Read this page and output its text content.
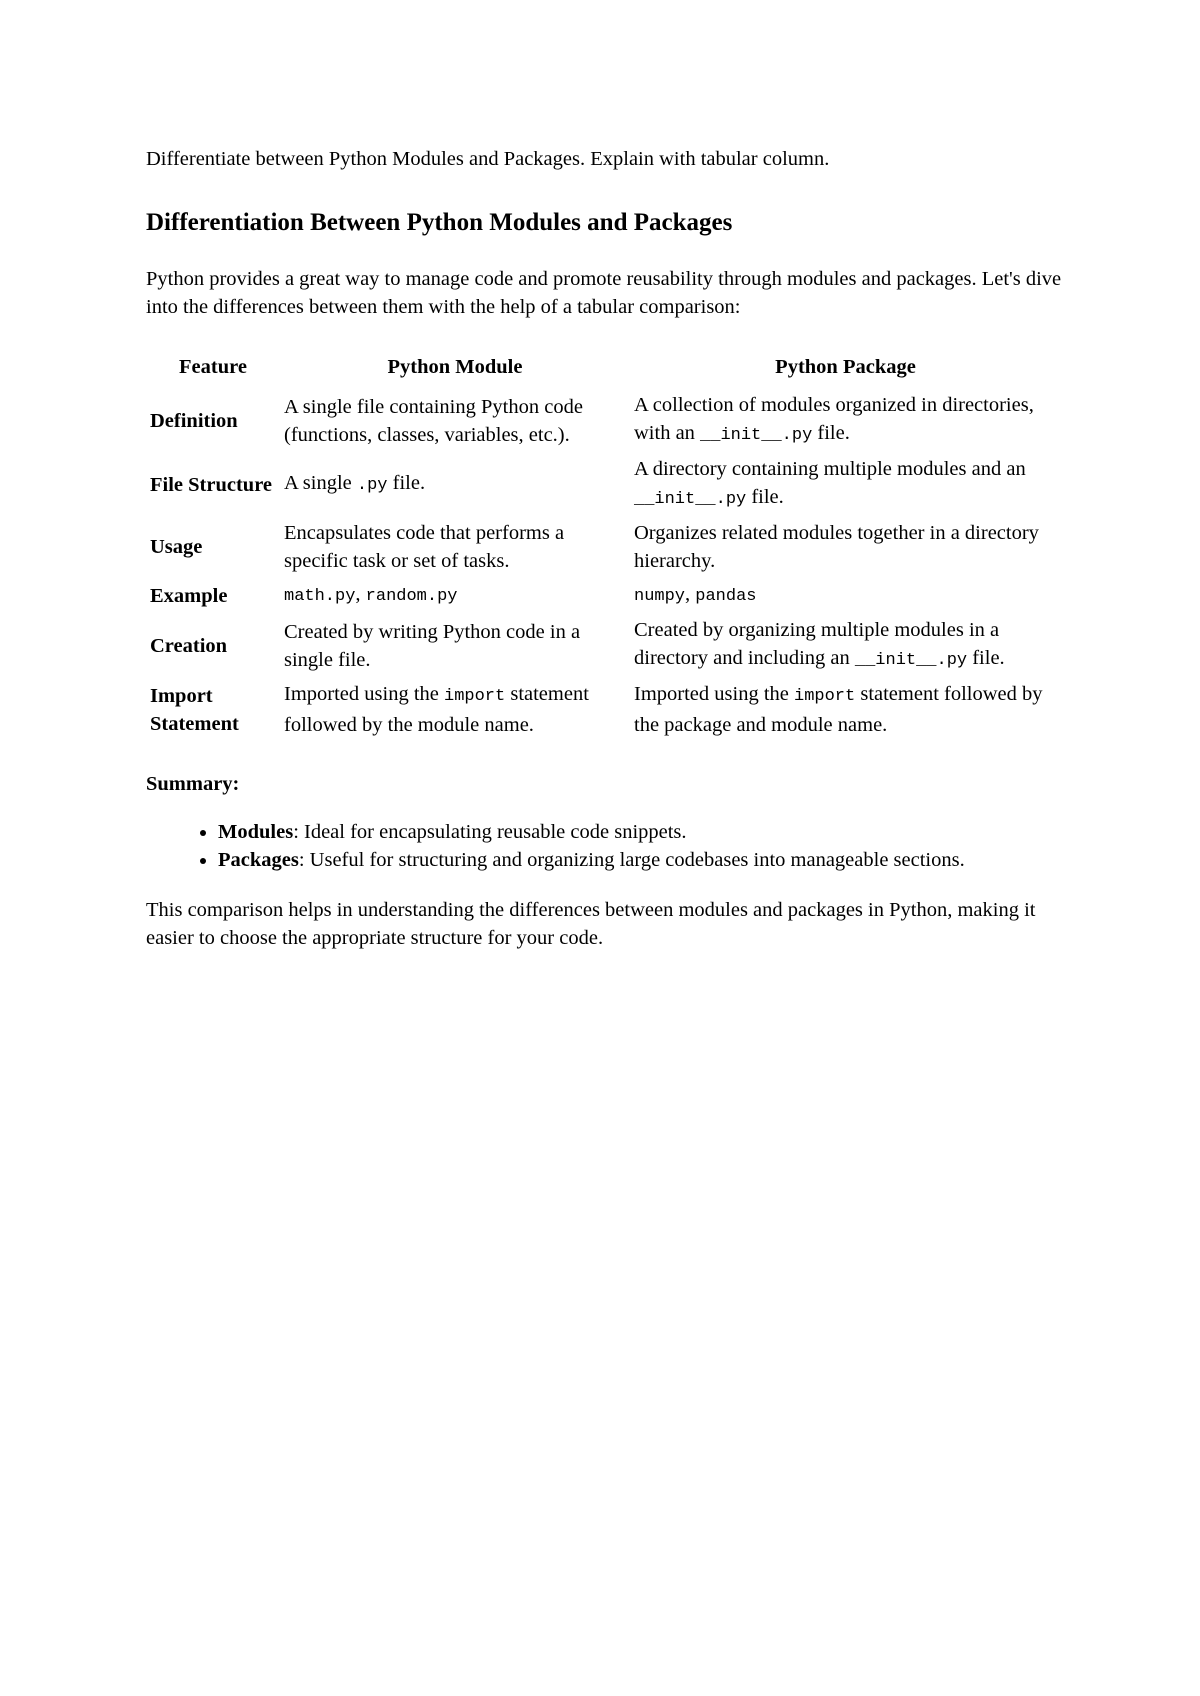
Differentiate between Python Modules and Packages. Explain with tabular column.

Differentiation Between Python Modules and Packages

Python provides a great way to manage code and promote reusability through modules and packages. Let's dive into the differences between them with the help of a tabular comparison:

Feature	Python Module	Python Package
Definition	A single file containing Python code (functions, classes, variables, etc.).	A collection of modules organized in directories, with an __init__.py file.
File Structure	A single .py file.	A directory containing multiple modules and an __init__.py file.
Usage	Encapsulates code that performs a specific task or set of tasks.	Organizes related modules together in a directory hierarchy.
Example	math.py, random.py	numpy, pandas
Creation	Created by writing Python code in a single file.	Created by organizing multiple modules in a directory and including an __init__.py file.
Import Statement	Imported using the import statement followed by the module name.	Imported using the import statement followed by the package and module name.

Summary:

• Modules: Ideal for encapsulating reusable code snippets.
• Packages: Useful for structuring and organizing large codebases into manageable sections.

This comparison helps in understanding the differences between modules and packages in Python, making it easier to choose the appropriate structure for your code.
